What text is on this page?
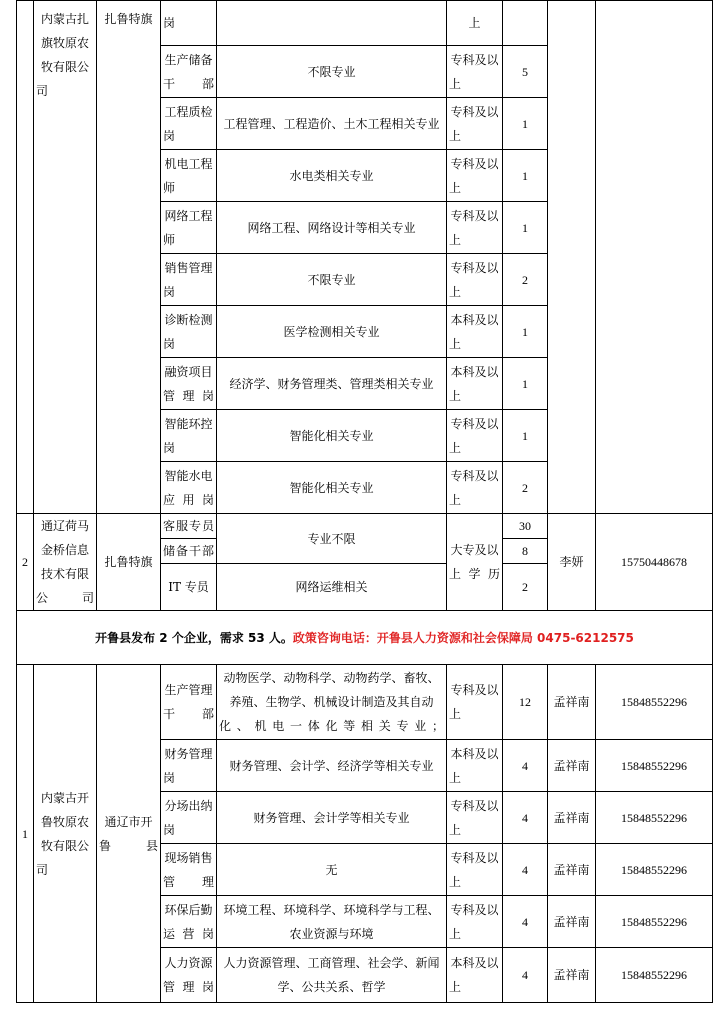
	内蒙古扎旗牧原农牧有限公司	扎鲁特旗	岗		上			
			生产储备干部	不限专业	专科及以上	5		
			工程质检岗	工程管理、工程造价、土木工程相关专业	专科及以上	1		
			机电工程师	水电类相关专业	专科及以上	1		
			网络工程师	网络工程、网络设计等相关专业	专科及以上	1		
			销售管理岗	不限专业	专科及以上	2		
			诊断检测岗	医学检测相关专业	本科及以上	1		
			融资项目管理岗	经济学、财务管理类、管理类相关专业	本科及以上	1		
			智能环控岗	智能化相关专业	专科及以上	1		
			智能水电应用岗	智能化相关专业	专科及以上	2		
2	通辽荷马金桥信息技术有限公司	扎鲁特旗	客服专员	专业不限	大专及以上学历	30	李妍	15750448678
			储备干部			8		
			IT 专员	网络运维相关		2		
开鲁县发布 2 个企业，需求 53 人。政策咨询电话：开鲁县人力资源和社会保障局 0475-6212575								
1	内蒙古开鲁牧原农牧有限公司	通辽市开鲁县	生产管理干部	动物医学、动物科学、动物药学、畜牧、养殖、生物学、机械设计制造及其自动化、机电一体化等相关专业；	专科及以上	12	孟祥南	15848552296
			财务管理岗	财务管理、会计学、经济学等相关专业	本科及以上	4	孟祥南	15848552296
			分场出纳岗	财务管理、会计学等相关专业	专科及以上	4	孟祥南	15848552296
			现场销售管理	无	专科及以上	4	孟祥南	15848552296
			环保后勤运营岗	环境工程、环境科学、环境科学与工程、农业资源与环境	专科及以上	4	孟祥南	15848552296
			人力资源管理岗	人力资源管理、工商管理、社会学、新闻学、公共关系、哲学	本科及以上	4	孟祥南	15848552296
